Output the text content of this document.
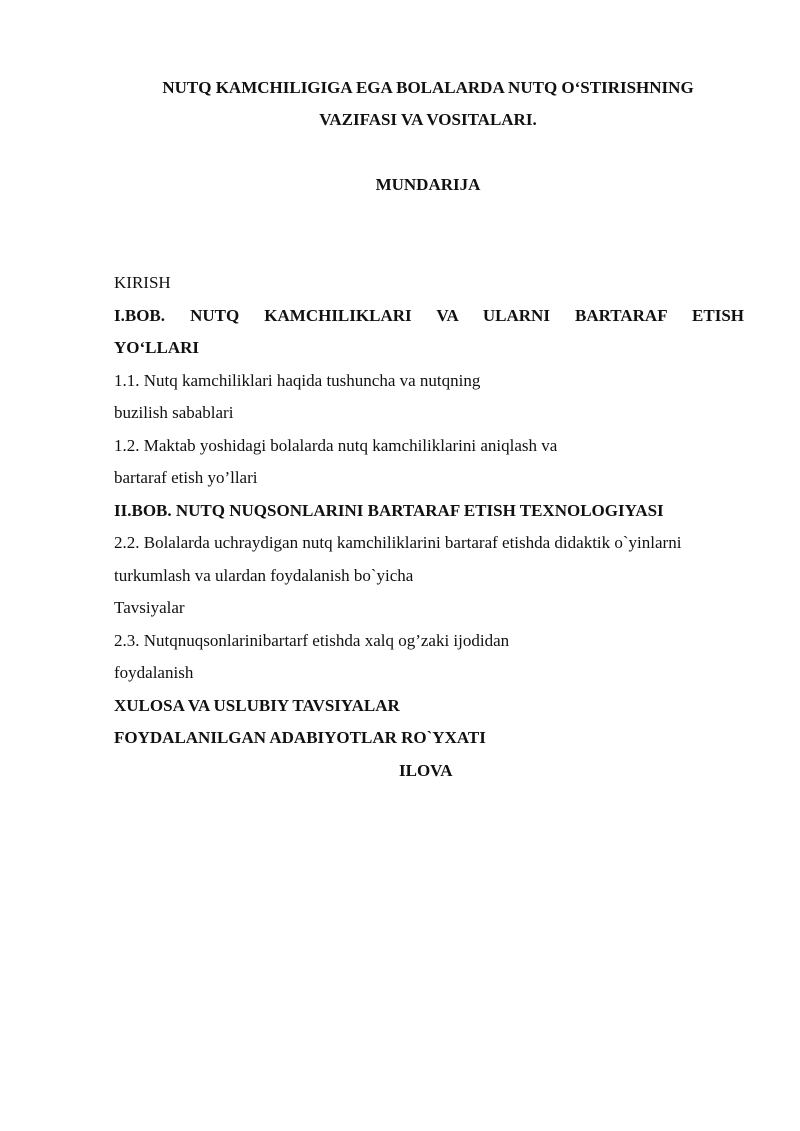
NUTQ KAMCHILIGIGA EGA BOLALARDA NUTQ O‘STIRISHNING
VAZIFASI VA VOSITALARI.
MUNDARIJA
KIRISH
I.BOB. NUTQ KAMCHILIKLARI VA ULARNI BARTARAF ETISH
YO‘LLARI
1.1. Nutq kamchiliklari haqida tushuncha va nutqning
buzilish sabablari
1.2. Maktab yoshidagi bolalarda nutq kamchiliklarini aniqlash va
bartaraf etish yo’llari
II.BOB. NUTQ NUQSONLARINI BARTARAF ETISH TEXNOLOGIYASI
2.2. Bolalarda uchraydigan nutq kamchiliklarini bartaraf etishda didaktik o`yinlarni
turkumlash va ulardan foydalanish bo`yicha
Tavsiyalar
2.3. Nutqnuqsonlarinibartarf etishda xalq og’zaki ijodidan
foydalanish
XULOSA VA USLUBIY TAVSIYALAR
FOYDALANILGAN ADABIYOTLAR RO`YXATI
ILOVA
